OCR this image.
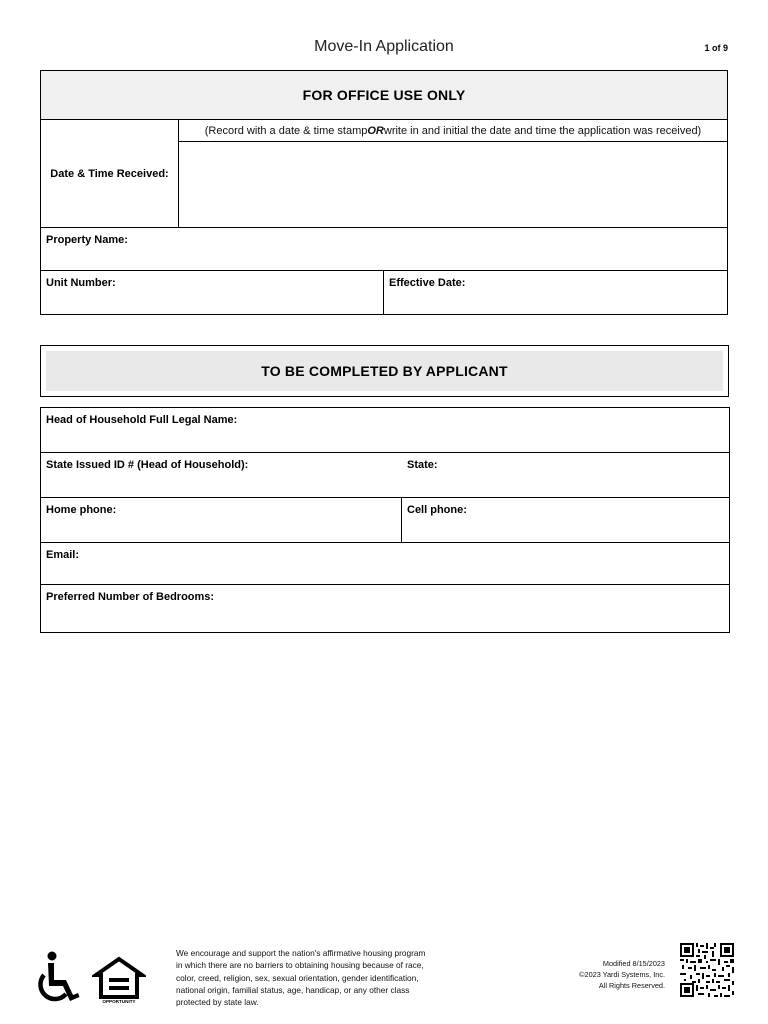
Move-In Application	1 of 9
FOR OFFICE USE ONLY
Date & Time Received:
(Record with a date & time stamp OR write in and initial the date and time the application was received)
Property Name:
Unit Number:	Effective Date:
TO BE COMPLETED BY APPLICANT
Head of Household Full Legal Name:
State Issued ID # (Head of Household):	State:
Home phone:	Cell phone:
Email:
Preferred Number of Bedrooms:
EQUAL HOUSING
OPPORTUNITY
We encourage and support the nation's affirmative housing program
in which there are no barriers to obtaining housing because of race,
color, creed, religion, sex, sexual orientation, gender identification,
national origin, familial status, age, handicap, or any other class
protected by state law.
Modified 8/15/2023
©2023 Yardi Systems, Inc.
All Rights Reserved.
